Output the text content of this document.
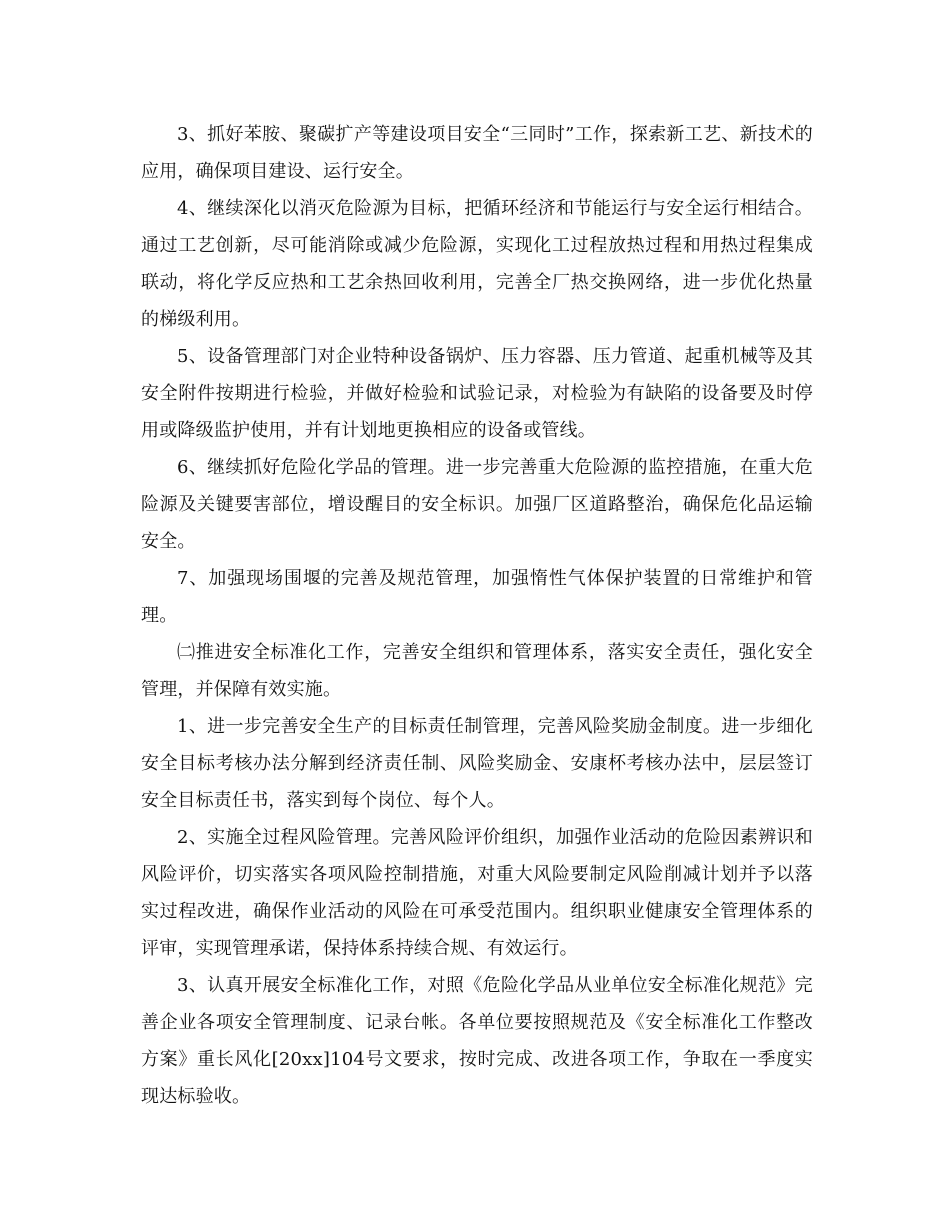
3、抓好苯胺、聚碳扩产等建设项目安全“三同时”工作，探索新工艺、新技术的应用，确保项目建设、运行安全。

4、继续深化以消灭危险源为目标，把循环经济和节能运行与安全运行相结合。通过工艺创新，尽可能消除或减少危险源，实现化工过程放热过程和用热过程集成联动，将化学反应热和工艺余热回收利用，完善全厂热交换网络，进一步优化热量的梯级利用。

5、设备管理部门对企业特种设备锅炉、压力容器、压力管道、起重机械等及其安全附件按期进行检验，并做好检验和试验记录，对检验为有缺陷的设备要及时停用或降级监护使用，并有计划地更换相应的设备或管线。

6、继续抓好危险化学品的管理。进一步完善重大危险源的监控措施，在重大危险源及关键要害部位，增设醒目的安全标识。加强厂区道路整治，确保危化品运输安全。

7、加强现场围堰的完善及规范管理，加强惰性气体保护装置的日常维护和管理。

㈡推进安全标准化工作，完善安全组织和管理体系，落实安全责任，强化安全管理，并保障有效实施。

1、进一步完善安全生产的目标责任制管理，完善风险奖励金制度。进一步细化安全目标考核办法分解到经济责任制、风险奖励金、安康杯考核办法中，层层签订安全目标责任书，落实到每个岗位、每个人。

2、实施全过程风险管理。完善风险评价组织，加强作业活动的危险因素辨识和风险评价，切实落实各项风险控制措施，对重大风险要制定风险削减计划并予以落实过程改进，确保作业活动的风险在可承受范围内。组织职业健康安全管理体系的评审，实现管理承诺，保持体系持续合规、有效运行。

3、认真开展安全标准化工作，对照《危险化学品从业单位安全标准化规范》完善企业各项安全管理制度、记录台帐。各单位要按照规范及《安全标准化工作整改方案》重长风化[20xx]104号文要求，按时完成、改进各项工作，争取在一季度实现达标验收。
